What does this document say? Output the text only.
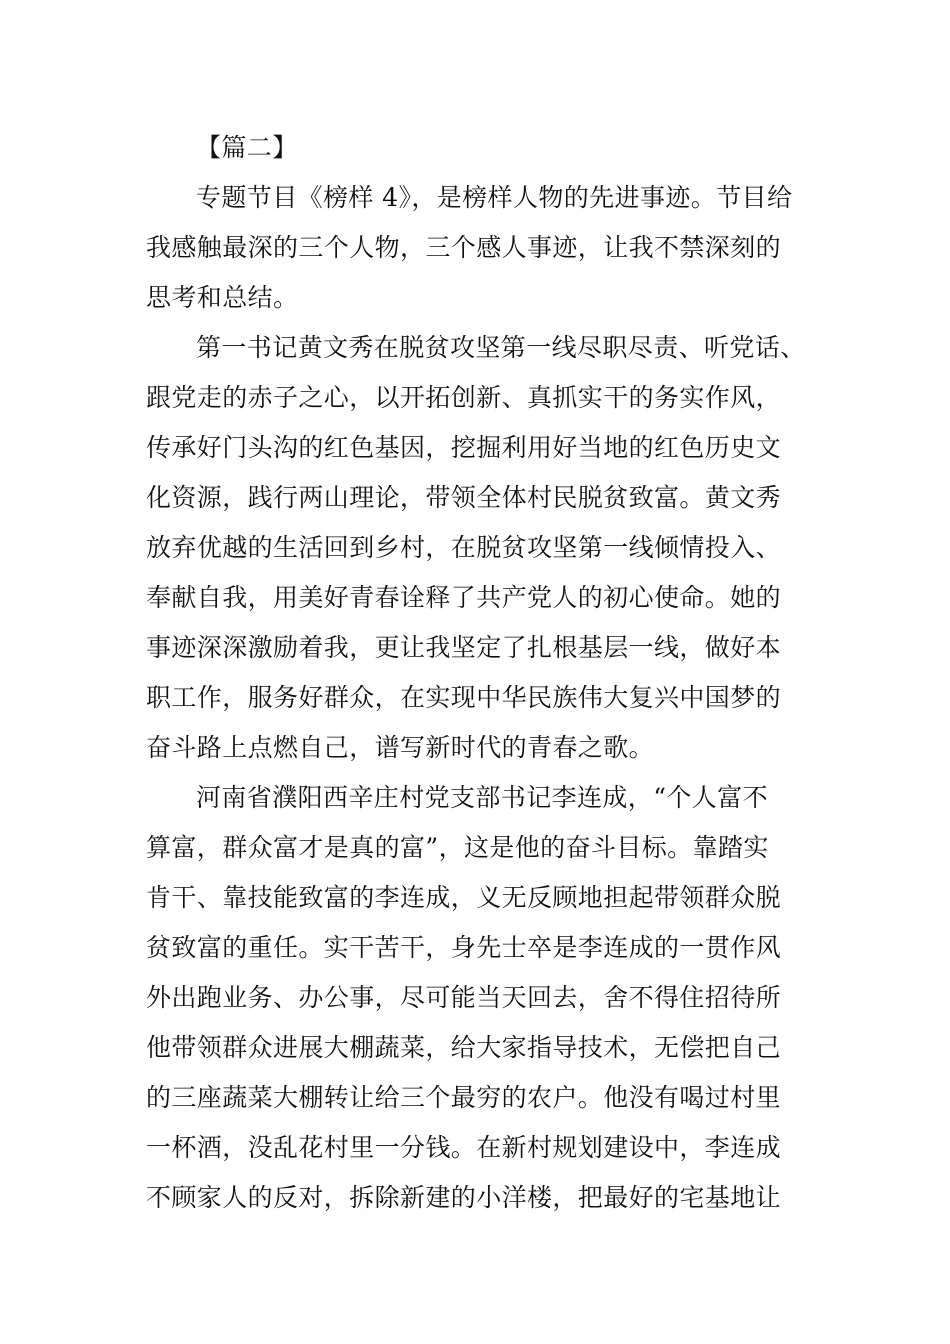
【篇二】
专题节目《榜样 4》，是榜样人物的先进事迹。节目给
我感触最深的三个人物，三个感人事迹，让我不禁深刻的
思考和总结。
第一书记黄文秀在脱贫攻坚第一线尽职尽责、听党话、
跟党走的赤子之心，以开拓创新、真抓实干的务实作风，
传承好门头沟的红色基因，挖掘利用好当地的红色历史文
化资源，践行两山理论，带领全体村民脱贫致富。黄文秀
放弃优越的生活回到乡村，在脱贫攻坚第一线倾情投入、
奉献自我，用美好青春诠释了共产党人的初心使命。她的
事迹深深激励着我，更让我坚定了扎根基层一线，做好本
职工作，服务好群众，在实现中华民族伟大复兴中国梦的
奋斗路上点燃自己，谱写新时代的青春之歌。
河南省濮阳西辛庄村党支部书记李连成，“个人富不
算富，群众富才是真的富”，这是他的奋斗目标。靠踏实
肯干、靠技能致富的李连成，义无反顾地担起带领群众脱
贫致富的重任。实干苦干，身先士卒是李连成的一贯作风
外出跑业务、办公事，尽可能当天回去，舍不得住招待所
他带领群众进展大棚蔬菜，给大家指导技术，无偿把自己
的三座蔬菜大棚转让给三个最穷的农户。他没有喝过村里
一杯酒，没乱花村里一分钱。在新村规划建设中，李连成
不顾家人的反对，拆除新建的小洋楼，把最好的宅基地让
